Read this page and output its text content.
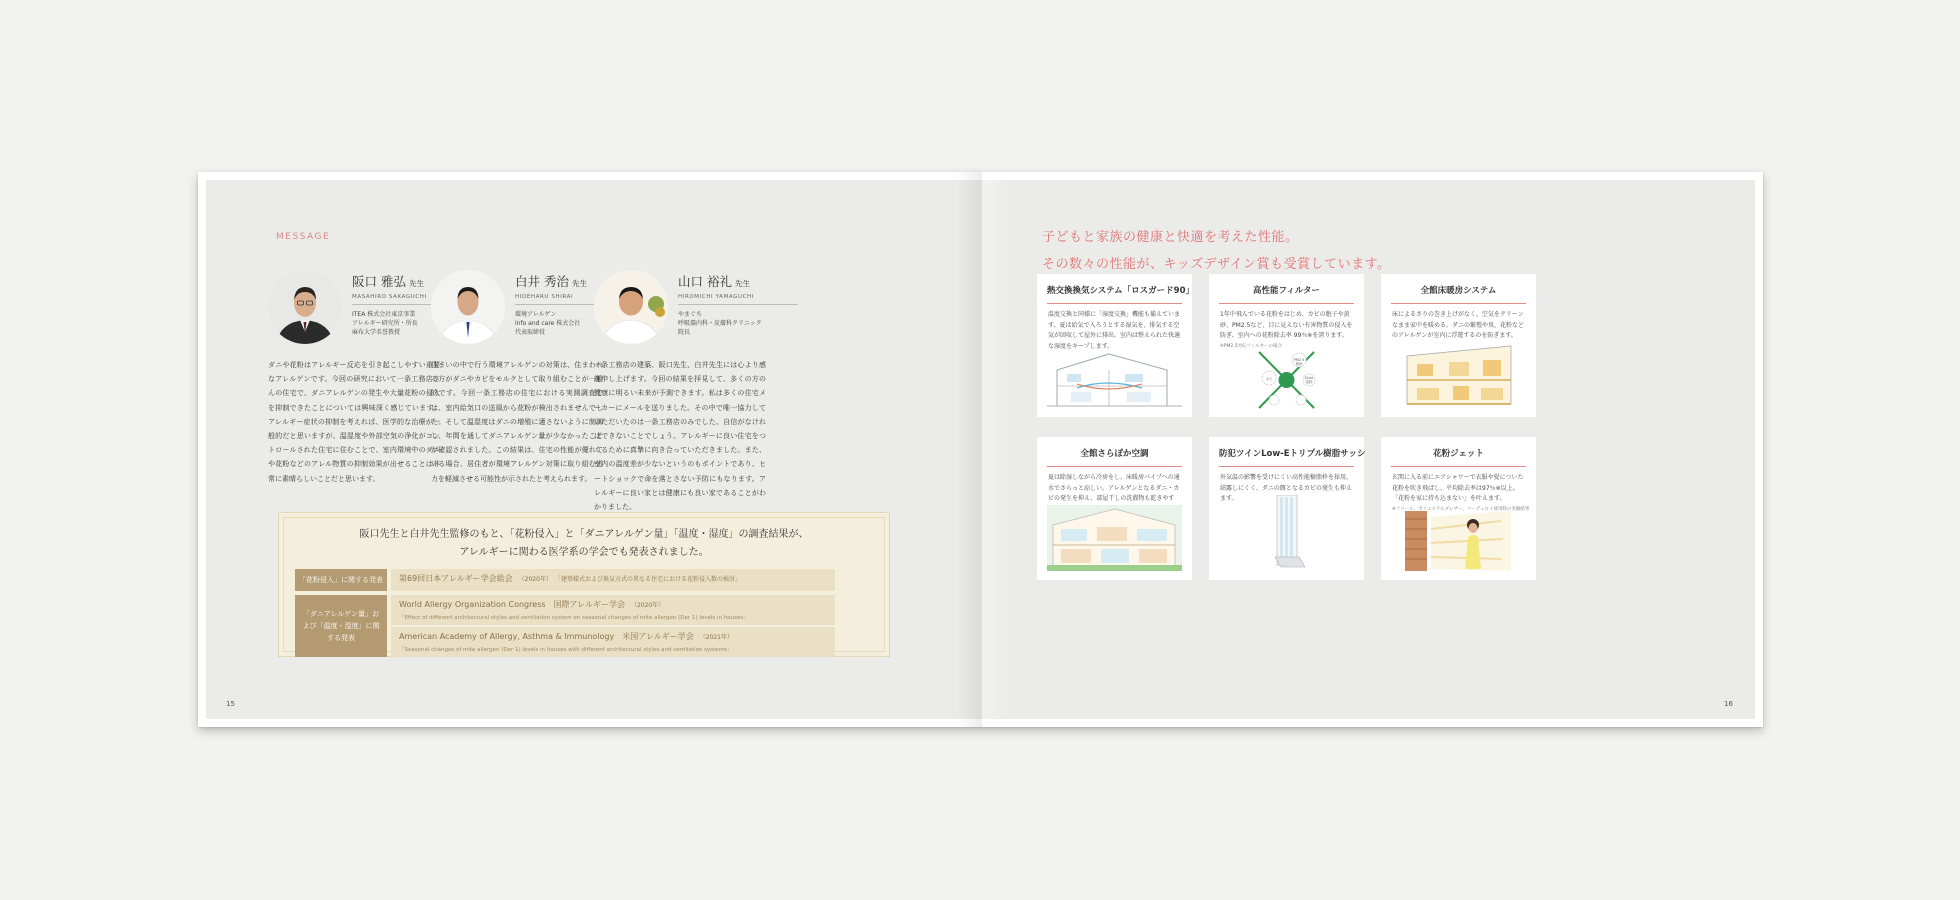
MESSAGE
阪口 雅弘 先生
MASAHIRO SAKAGUCHI
ITEA 株式会社東京事業
アレルギー研究所・所長
麻布大学名誉教授
ダニや花粉はアレルギー反応を引き起こしやすい重要なアレルゲンです。今回の研究において一条工務店さんの住宅で、ダニアレルゲンの発生や大量花粉の侵入を抑制できたことについては興味深く感じています。アレルギー症状の抑制を考えれば、医学的な治療が一般的だと思いますが、温湿度や外部空気の浄化がコントロールされた住宅に住むことで、室内環境中のダニや花粉などのアレル物質の抑制効果が出せることは非常に素晴らしいことだと思います。
白井 秀治 先生
HIDEHARU SHIRAI
環境アレルゲン
info and care 株式会社
代表取締役
住まいの中で行う環境アレルゲンの対策は、住まわれる方がダニやカビをモルクとして取り組むことが一般的です。今回一条工務店の住宅における実測調査では、室内給気口の送風から花粉が検出されませんでした。そして温湿度はダニの増殖に適さないように制御し、年間を通してダニアレルゲン量が少なかったことが確認されました。この結果は、住宅の性能が優れている場合、居住者が環境アレルゲン対策に取り組む労力を軽減させる可能性が示されたと考えられます。
山口 裕礼 先生
HIROMICHI YAMAGUCHI
やまぐち
呼吸器内科・皮膚科クリニック
院長
一条工務店の建築、阪口先生、白井先生には心より感謝申し上げます。今回の結果を拝見して、多くの方の健康に明るい未来が予測できます。私は多くの住宅メーカーにメールを送りました。その中で唯一協力していただいたのは一条工務店のみでした。自信がなければできないことでしょう。アレルギーに良い住宅をつくるために真摯に向き合っていただきました。また、室内の温度差が少ないというのもポイントであり、ヒートショックで命を落とさない予防にもなります。アレルギーに良い家とは健康にも良い家であることがわかりました。
阪口先生と白井先生監修のもと、「花粉侵入」と「ダニアレルゲン量」「温度・湿度」の調査結果が、
アレルギーに関わる医学系の学会でも発表されました。
「花粉侵入」に関する発表	第69回日本アレルギー学会総会 （2020年） 「建築様式および換気方式の異なる住宅における花粉侵入数の検討」
「ダニアレルゲン量」および「温度・湿度」に関する発表
World Allergy Organization Congress　国際アレルギー学会 （2020年）
「Effect of different architectural styles and ventilation system on seasonal changes of mite allergen (Der 1) levels in houses」
American Academy of Allergy, Asthma & Immunology　米国アレルギー学会 （2021年）
「Seasonal changes of mite allergen (Der 1) levels in houses with different architectural styles and ventilation systems」
15
子どもと家族の健康と快適を考えた性能。
その数々の性能が、キッズデザイン賞も受賞しています。
熱交換換気システム「ロスガード90」
温度交換と同様に「湿度交換」機能も備えています。夏は給気で入ろうとする湿気を、排気する空気が回収して屋外に排出。室内は整えられた快適な湿度をキープします。
高性能フィルター
1年中飛んでいる花粉をはじめ、カビの胞子や黄砂、PM2.5など、目に見えない有害物質の侵入を防ぎ、室内への花粉除去率 99％※を誇ります。
※PM2.5対応フィルターの場合
PM2.5
黄砂
カビ	Dust
花粉
全館床暖房システム
床によるさりの巻き上げがなく、空気をクリーンなまま家中を暖める。ダニの繁殖や臭、花粉などのアレルゲンが室内に浮遊するのを防ぎます。
全館さらぽか空調
夏は除湿しながら冷房をし、床暖房パイプへの通水でさらっと涼しい。アレルゲンとなるダニ・カビの発生を抑え、部屋干しの洗濯物も乾きやす
防犯ツインLow-Eトリプル樹脂サッシ
外気温の影響を受けにくい高性能樹脂枠を採用。結露しにくく、ダニの餌となるカビの発生も抑えます。
花粉ジェット
玄関に入る前にエアシャワーで衣服や髪についた花粉を吹き飛ばし、平均除去率は97％※以上。「花粉を家に持ち込まない」を叶えます。
※フリース、ポリエステルブレザー、コーデュロイ使用時の実験結果
16
